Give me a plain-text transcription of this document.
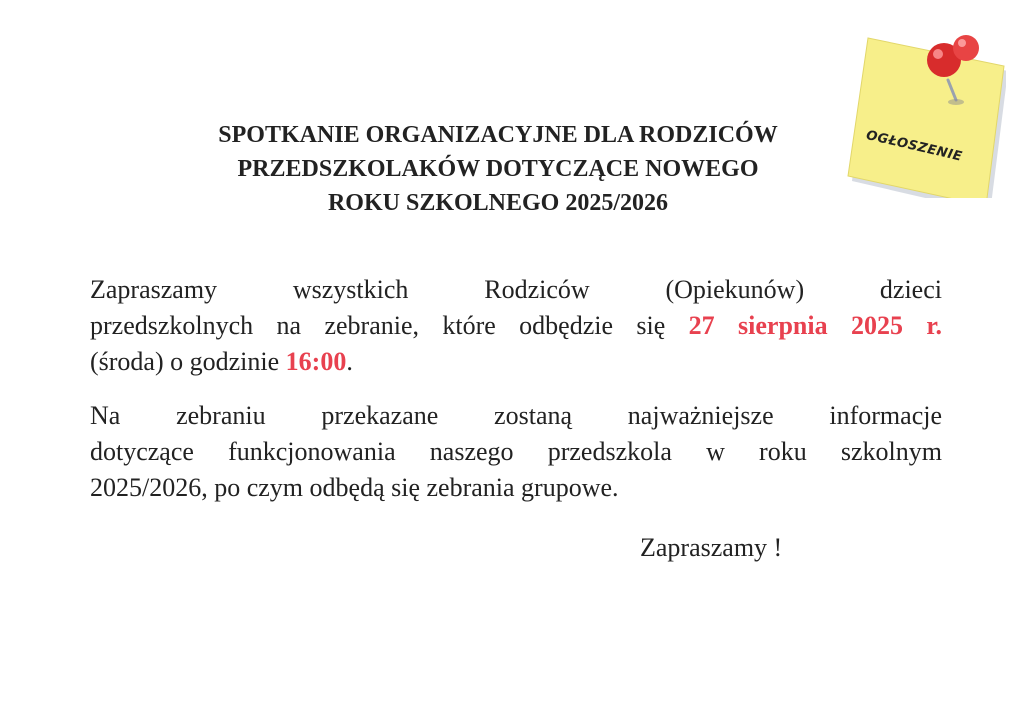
OGŁOSZENIE
SPOTKANIE ORGANIZACYJNE DLA RODZICÓW
PRZEDSZKOLAKÓW DOTYCZĄCE NOWEGO
ROKU SZKOLNEGO 2025/2026
Zapraszamy wszystkich Rodziców (Opiekunów) dzieci
przedszkolnych na zebranie, które odbędzie się 27 sierpnia 2025 r.
(środa) o godzinie 16:00.
Na zebraniu przekazane zostaną najważniejsze informacje
dotyczące funkcjonowania naszego przedszkola w roku szkolnym
2025/2026, po czym odbędą się zebrania grupowe.
Zapraszamy !
